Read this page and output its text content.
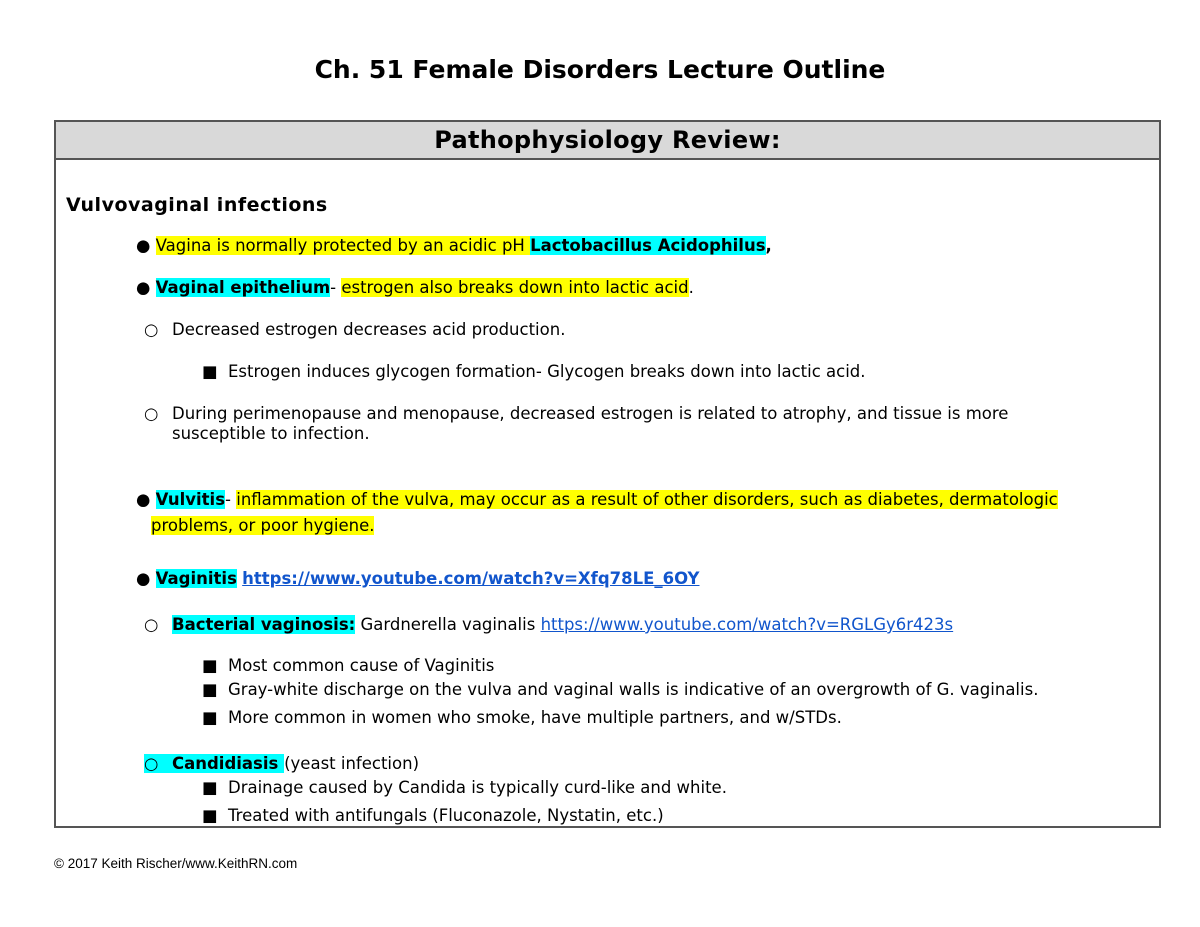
Ch. 51 Female Disorders Lecture Outline
Pathophysiology Review:
Vulvovaginal infections
● Vagina is normally protected by an acidic pH Lactobacillus Acidophilus,
● Vaginal epithelium- estrogen also breaks down into lactic acid.
○ Decreased estrogen decreases acid production.
■ Estrogen induces glycogen formation- Glycogen breaks down into lactic acid.
○ During perimenopause and menopause, decreased estrogen is related to atrophy, and tissue is more
susceptible to infection.
● Vulvitis- inflammation of the vulva, may occur as a result of other disorders, such as diabetes, dermatologic
problems, or poor hygiene.
● Vaginitis https://www.youtube.com/watch?v=Xfq78LE_6OY
○ Bacterial vaginosis: Gardnerella vaginalis https://www.youtube.com/watch?v=RGLGy6r423s
■ Most common cause of Vaginitis
■ Gray-white discharge on the vulva and vaginal walls is indicative of an overgrowth of G. vaginalis.
■ More common in women who smoke, have multiple partners, and w/STDs.
○ Candidiasis (yeast infection)
■ Drainage caused by Candida is typically curd-like and white.
■ Treated with antifungals (Fluconazole, Nystatin, etc.)
© 2017 Keith Rischer/www.KeithRN.com
